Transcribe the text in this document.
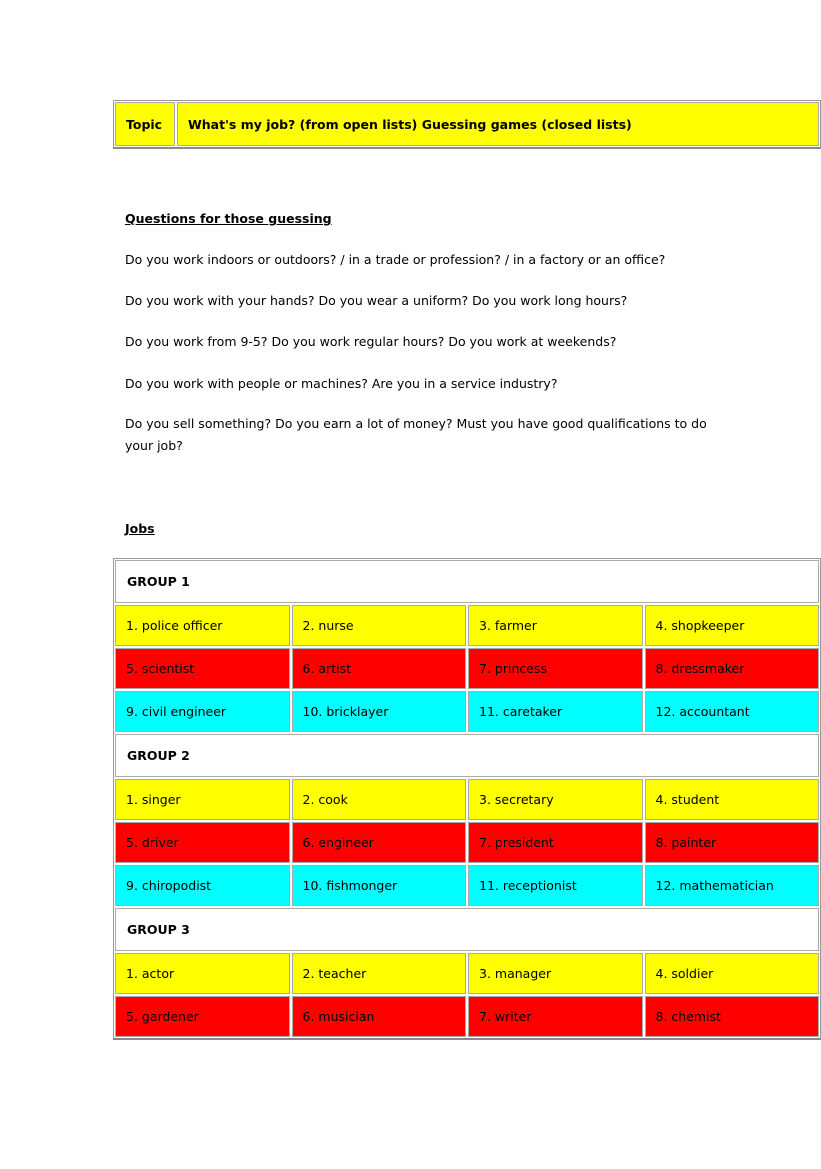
Topic	What's my job? (from open lists) Guessing games (closed lists)
Questions for those guessing
Do you work indoors or outdoors? / in a trade or profession? / in a factory or an office?
Do you work with your hands? Do you wear a uniform? Do you work long hours?
Do you work from 9-5? Do you work regular hours? Do you work at weekends?
Do you work with people or machines? Are you in a service industry?
Do you sell something? Do you earn a lot of money? Must you have good qualifications to do your job?
Jobs
GROUP 1
1. police officer	2. nurse	3. farmer	4. shopkeeper
5. scientist	6. artist	7. princess	8. dressmaker
9. civil engineer	10. bricklayer	11. caretaker	12. accountant
GROUP 2
1. singer	2. cook	3. secretary	4. student
5. driver	6. engineer	7. president	8. painter
9. chiropodist	10. fishmonger	11. receptionist	12. mathematician
GROUP 3
1. actor	2. teacher	3. manager	4. soldier
5. gardener	6. musician	7. writer	8. chemist
